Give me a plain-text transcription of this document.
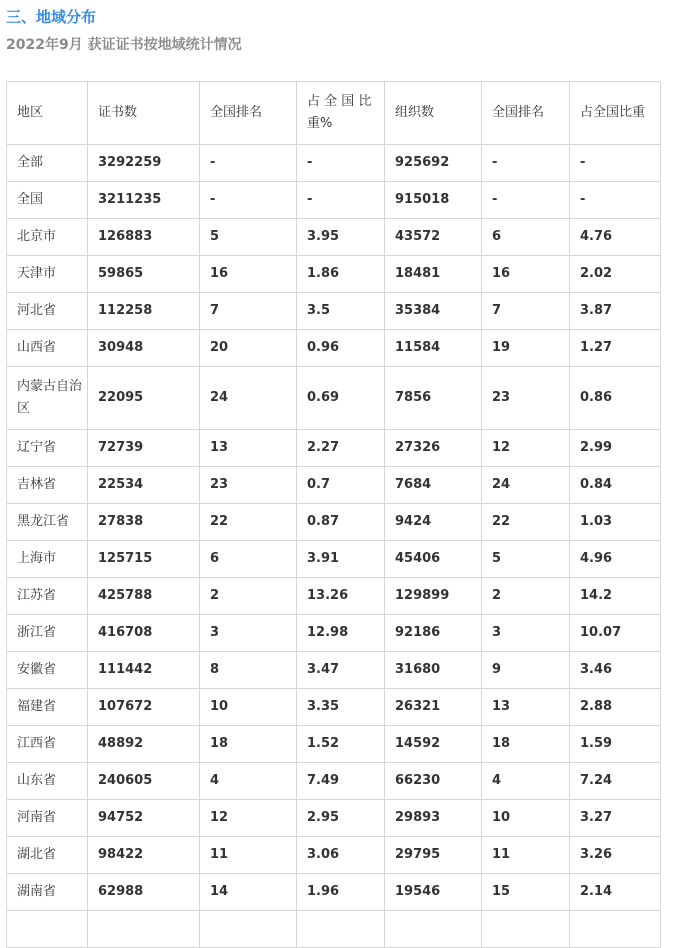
三、地域分布
2022年9月 获证证书按地域统计情况
地区	证书数	全国排名	占 全 国 比 重%	组织数	全国排名	占全国比重
全部	3292259	-	-	925692	-	-
全国	3211235	-	-	915018	-	-
北京市	126883	5	3.95	43572	6	4.76
天津市	59865	16	1.86	18481	16	2.02
河北省	112258	7	3.5	35384	7	3.87
山西省	30948	20	0.96	11584	19	1.27
内蒙古自治区	22095	24	0.69	7856	23	0.86
辽宁省	72739	13	2.27	27326	12	2.99
吉林省	22534	23	0.7	7684	24	0.84
黑龙江省	27838	22	0.87	9424	22	1.03
上海市	125715	6	3.91	45406	5	4.96
江苏省	425788	2	13.26	129899	2	14.2
浙江省	416708	3	12.98	92186	3	10.07
安徽省	111442	8	3.47	31680	9	3.46
福建省	107672	10	3.35	26321	13	2.88
江西省	48892	18	1.52	14592	18	1.59
山东省	240605	4	7.49	66230	4	7.24
河南省	94752	12	2.95	29893	10	3.27
湖北省	98422	11	3.06	29795	11	3.26
湖南省	62988	14	1.96	19546	15	2.14
